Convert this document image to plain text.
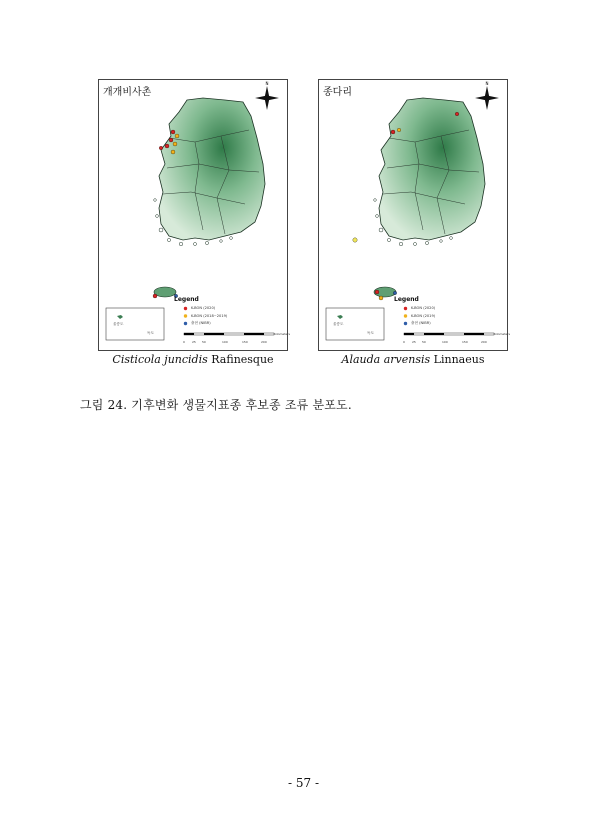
개개비사촌
N
Legend
K-BON (2020)
K-BON (2018~2019)
출현 (NIBR)
0 25 50	100	150	200
Kilometers
울릉도
독도
Cisticola juncidis Rafinesque
종다리
N
Legend
K-BON (2020)
K-BON (2019)
출현 (NIBR)
0 25 50	100	150	200
Kilometers
울릉도
독도
Alauda arvensis Linnaeus
그림 24. 기후변화 생물지표종 후보종 조류 분포도.
- 57 -
